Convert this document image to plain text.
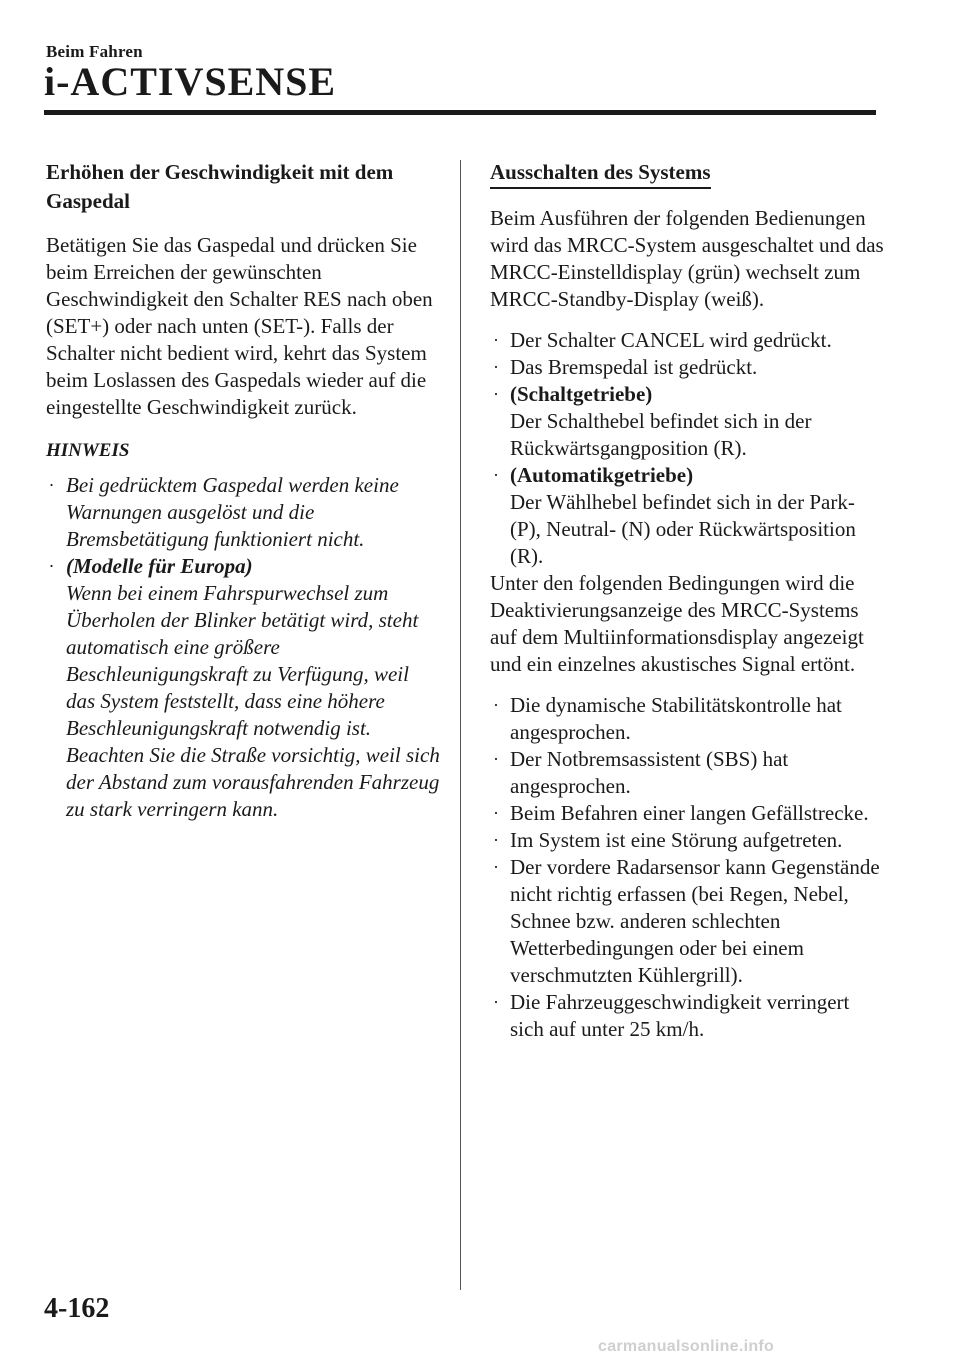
Beim Fahren
i-ACTIVSENSE
Erhöhen der Geschwindigkeit mit dem Gaspedal

Betätigen Sie das Gaspedal und drücken Sie beim Erreichen der gewünschten Geschwindigkeit den Schalter RES nach oben (SET+) oder nach unten (SET-). Falls der Schalter nicht bedient wird, kehrt das System beim Loslassen des Gaspedals wieder auf die eingestellte Geschwindigkeit zurück.

HINWEIS
· Bei gedrücktem Gaspedal werden keine Warnungen ausgelöst und die Bremsbetätigung funktioniert nicht.
· (Modelle für Europa)
Wenn bei einem Fahrspurwechsel zum Überholen der Blinker betätigt wird, steht automatisch eine größere Beschleunigungskraft zu Verfügung, weil das System feststellt, dass eine höhere Beschleunigungskraft notwendig ist. Beachten Sie die Straße vorsichtig, weil sich der Abstand zum vorausfahrenden Fahrzeug zu stark verringern kann.
Ausschalten des Systems

Beim Ausführen der folgenden Bedienungen wird das MRCC-System ausgeschaltet und das MRCC-Einstelldisplay (grün) wechselt zum MRCC-Standby-Display (weiß).

· Der Schalter CANCEL wird gedrückt.
· Das Bremspedal ist gedrückt.
· (Schaltgetriebe)
Der Schalthebel befindet sich in der Rückwärtsgangposition (R).
· (Automatikgetriebe)
Der Wählhebel befindet sich in der Park- (P), Neutral- (N) oder Rückwärtsposition (R).

Unter den folgenden Bedingungen wird die Deaktivierungsanzeige des MRCC-Systems auf dem Multiinformationsdisplay angezeigt und ein einzelnes akustisches Signal ertönt.

· Die dynamische Stabilitätskontrolle hat angesprochen.
· Der Notbremsassistent (SBS) hat angesprochen.
· Beim Befahren einer langen Gefällstrecke.
· Im System ist eine Störung aufgetreten.
· Der vordere Radarsensor kann Gegenstände nicht richtig erfassen (bei Regen, Nebel, Schnee bzw. anderen schlechten Wetterbedingungen oder bei einem verschmutzten Kühlergrill).
· Die Fahrzeuggeschwindigkeit verringert sich auf unter 25 km/h.
4-162
carmanualsonline.info
